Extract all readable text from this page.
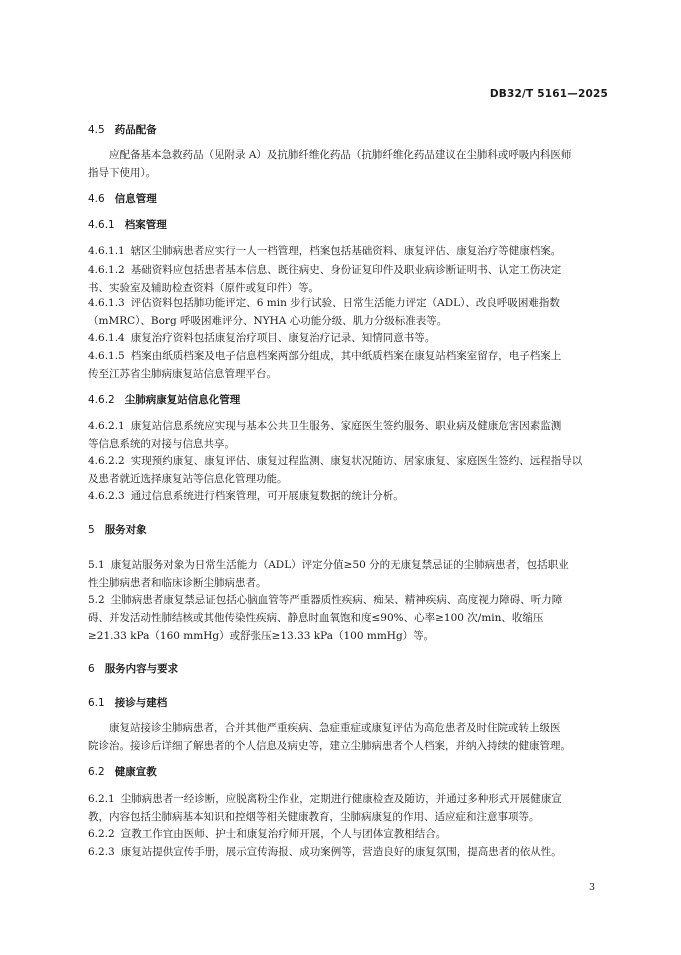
DB32/T 5161—2025
4.5 药品配备

应配备基本急救药品（见附录 A）及抗肺纤维化药品（抗肺纤维化药品建议在尘肺科或呼吸内科医师

指导下使用）。

4.6 信息管理
4.6.1 档案管理

4.6.1.1 辖区尘肺病患者应实行一人一档管理，档案包括基础资料、康复评估、康复治疗等健康档案。

4.6.1.2 基础资料应包括患者基本信息、既往病史、身份证复印件及职业病诊断证明书、认定工伤决定

书、实验室及辅助检查资料（原件或复印件）等。

4.6.1.3 评估资料包括肺功能评定、6 min 步行试验、日常生活能力评定（ADL）、改良呼吸困难指数

（mMRC）、Borg 呼吸困难评分、NYHA 心功能分级、肌力分级标准表等。

4.6.1.4 康复治疗资料包括康复治疗项目、康复治疗记录、知情同意书等。

4.6.1.5 档案由纸质档案及电子信息档案两部分组成，其中纸质档案在康复站档案室留存，电子档案上

传至江苏省尘肺病康复站信息管理平台。

4.6.2 尘肺病康复站信息化管理

4.6.2.1 康复站信息系统应实现与基本公共卫生服务、家庭医生签约服务、职业病及健康危害因素监测

等信息系统的对接与信息共享。

4.6.2.2 实现预约康复、康复评估、康复过程监测、康复状况随访、居家康复、家庭医生签约、远程指导以

及患者就近选择康复站等信息化管理功能。

4.6.2.3 通过信息系统进行档案管理，可开展康复数据的统计分析。

5 服务对象

5.1 康复站服务对象为日常生活能力（ADL）评定分值≥50 分的无康复禁忌证的尘肺病患者，包括职业

性尘肺病患者和临床诊断尘肺病患者。

5.2 尘肺病患者康复禁忌证包括心脑血管等严重器质性疾病、痴呆、精神疾病、高度视力障碍、听力障

碍、并发活动性肺结核或其他传染性疾病、静息时血氧饱和度≤90%、心率≥100 次/min、收缩压

≥21.33 kPa（160 mmHg）或舒张压≥13.33 kPa（100 mmHg）等。

6 服务内容与要求
6.1 接诊与建档

康复站接诊尘肺病患者，合并其他严重疾病、急症重症或康复评估为高危患者及时住院或转上级医

院诊治。接诊后详细了解患者的个人信息及病史等，建立尘肺病患者个人档案，并纳入持续的健康管理。

6.2 健康宣教

6.2.1 尘肺病患者一经诊断，应脱离粉尘作业，定期进行健康检查及随访，并通过多种形式开展健康宣

教，内容包括尘肺病基本知识和控烟等相关健康教育，尘肺病康复的作用、适应症和注意事项等。

6.2.2 宣教工作宜由医师、护士和康复治疗师开展，个人与团体宣教相结合。

6.2.3 康复站提供宣传手册，展示宣传海报、成功案例等，营造良好的康复氛围，提高患者的依从性。

3
